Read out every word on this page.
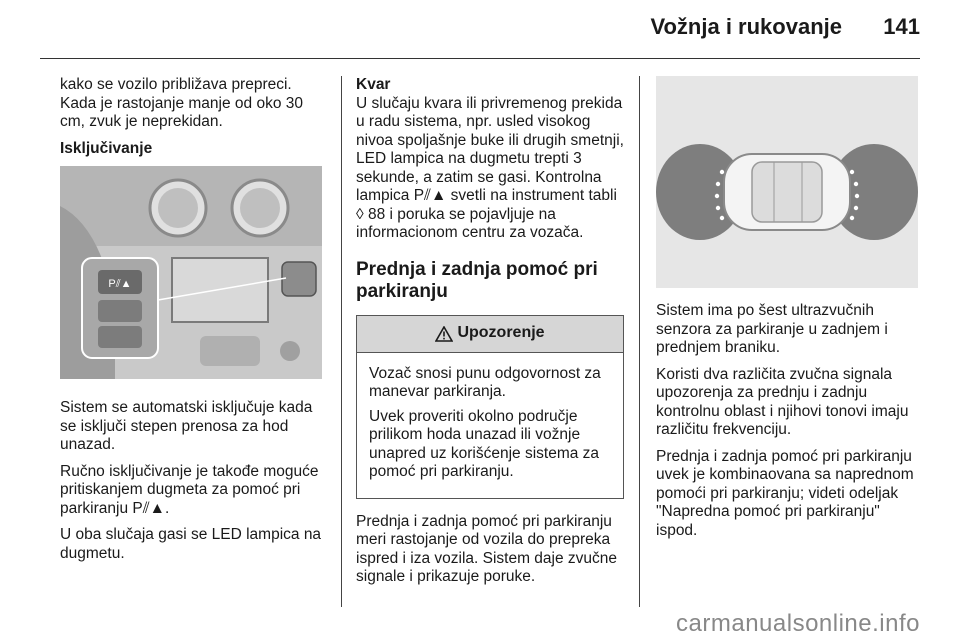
Vožnja i rukovanje 141

kako se vozilo približava prepreci. Kada je rastojanje manje od oko 30 cm, zvuk je neprekidan.

Isključivanje

P⫽▲

Sistem se automatski isključuje kada se isključi stepen prenosa za hod unazad.

Ručno isključivanje je takođe moguće pritiskanjem dugmeta za pomoć pri parkiranju P⫽▲.

U oba slučaja gasi se LED lampica na dugmetu.

Kvar

U slučaju kvara ili privremenog prekida u radu sistema, npr. usled visokog nivoa spoljašnje buke ili drugih smetnji, LED lampica na dugmetu trepti 3 sekunde, a zatim se gasi. Kontrolna lampica P⫽▲ svetli na instrument tabli ◊ 88 i poruka se pojavljuje na informacionom centru za vozača.

Prednja i zadnja pomoć pri parkiranju
Upozorenje

Vozač snosi punu odgovornost za manevar parkiranja.

Uvek proveriti okolno područje prilikom hoda unazad ili vožnje unapred uz korišćenje sistema za pomoć pri parkiranju.

Prednja i zadnja pomoć pri parkiranju meri rastojanje od vozila do prepreka ispred i iza vozila. Sistem daje zvučne signale i prikazuje poruke.

Sistem ima po šest ultrazvučnih senzora za parkiranje u zadnjem i prednjem braniku.

Koristi dva različita zvučna signala upozorenja za prednju i zadnju kontrolnu oblast i njihovi tonovi imaju različitu frekvenciju.

Prednja i zadnja pomoć pri parkiranju uvek je kombinaovana sa naprednom pomoći pri parkiranju; videti odeljak "Napredna pomoć pri parkiranju" ispod.

carmanualsonline.info
